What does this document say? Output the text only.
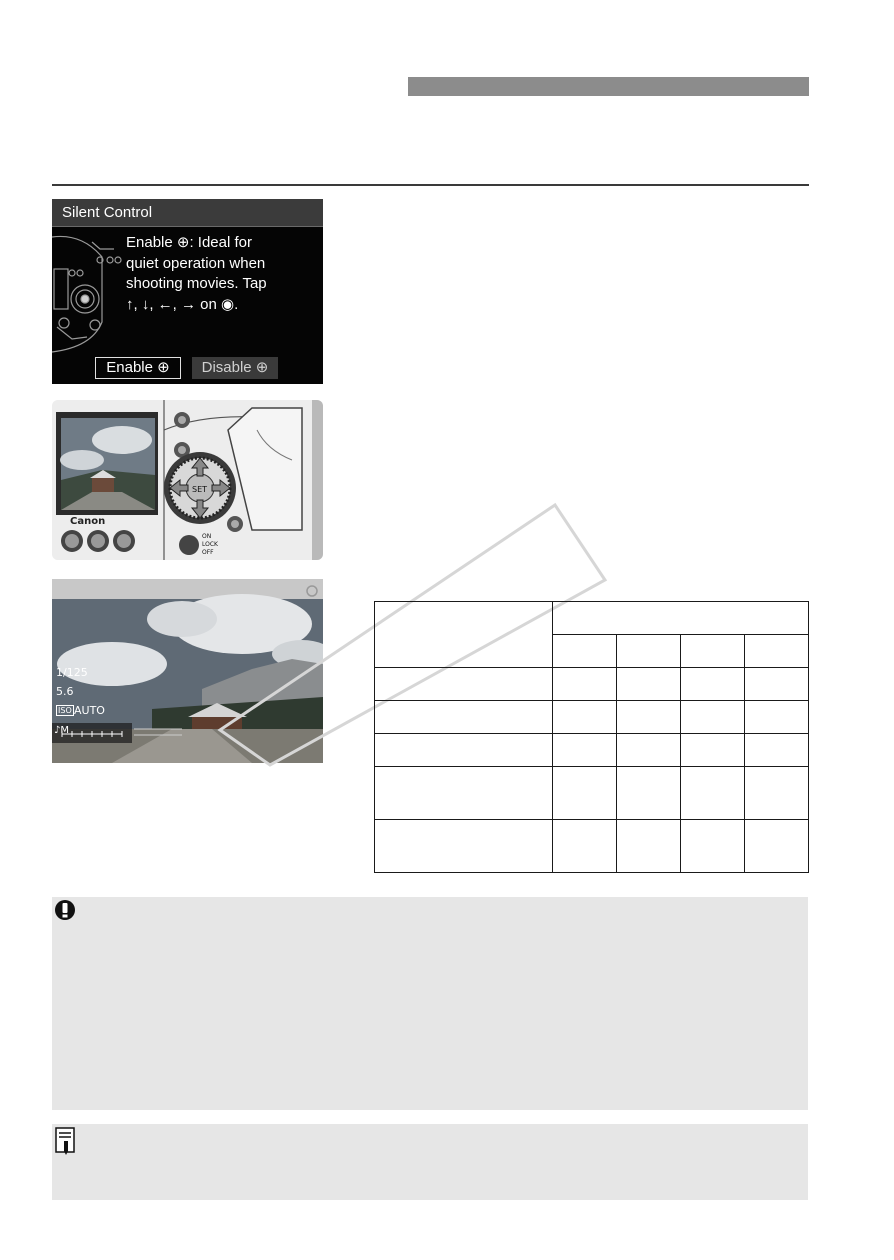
Silent Control
Enable ⊕: Ideal for
quiet operation when
shooting movies. Tap
↑, ↓, ←, → on ◉.
Enable ⊕	Disable ⊕
Canon
SET
ON
LOCK
OFF
1/125
5.6
ISO AUTO
♪M
